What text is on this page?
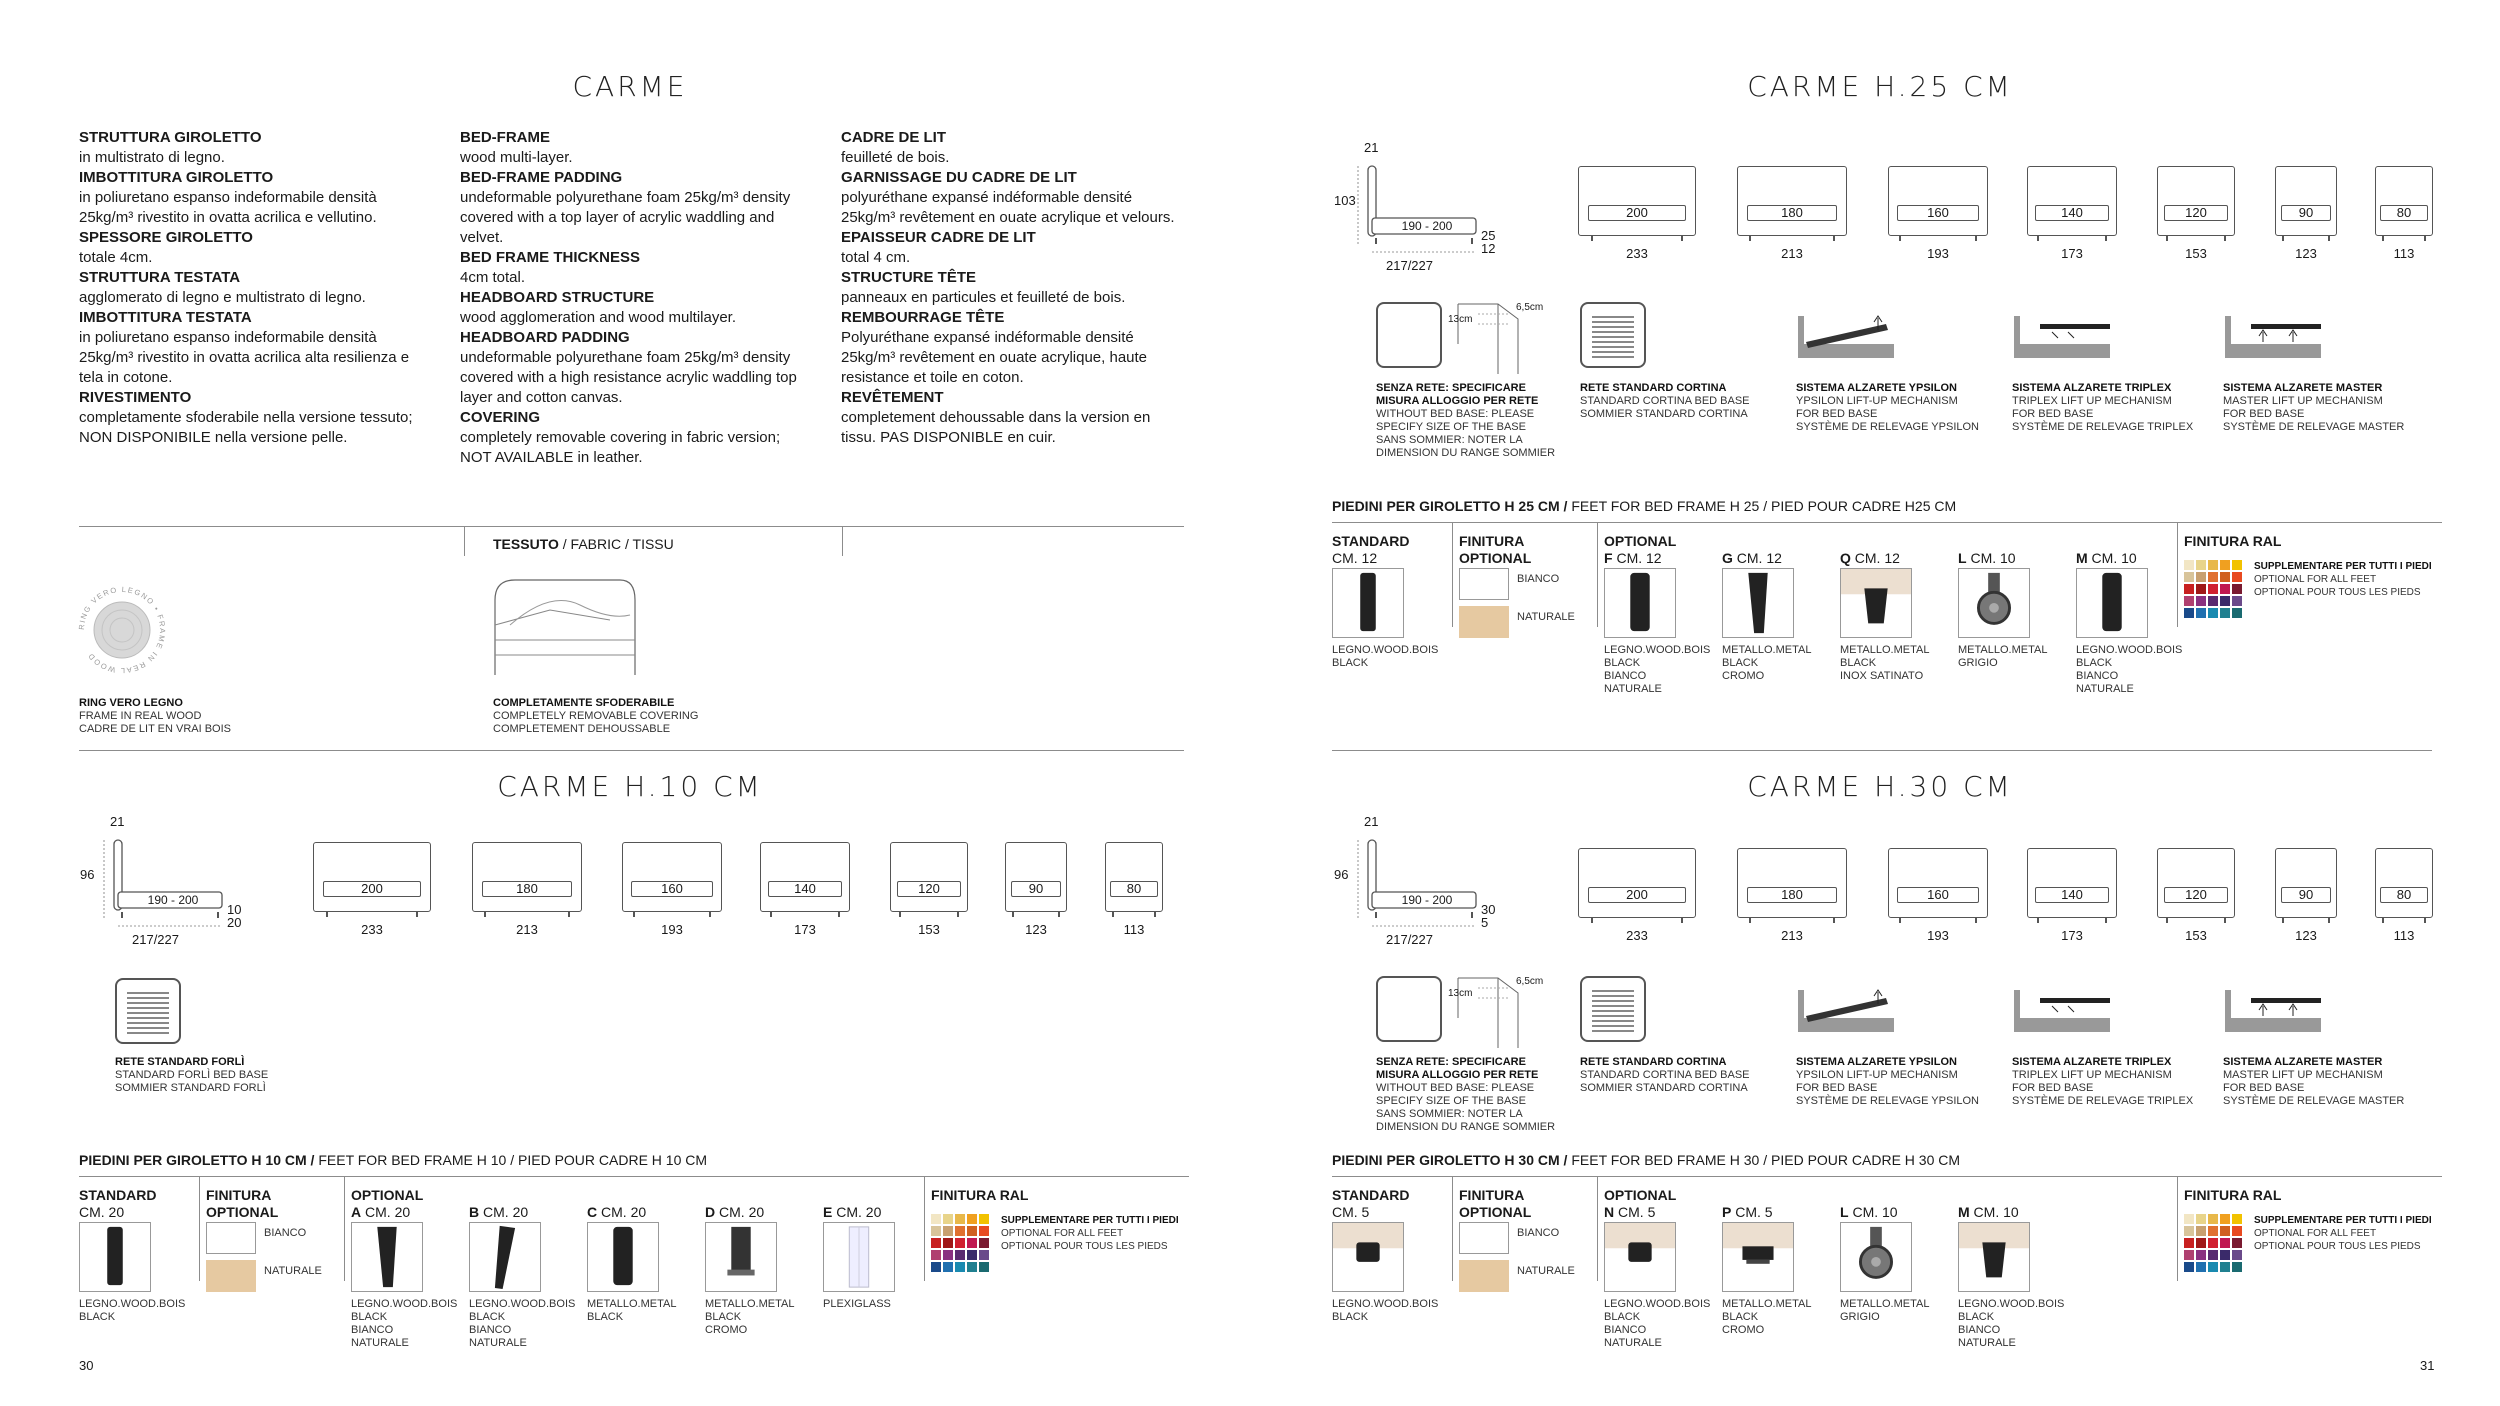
CARME
STRUTTURA GIROLETTO
in multistrato di legno.
IMBOTTITURA GIROLETTO
in poliuretano espanso indeformabile densità 25kg/m³ rivestito in ovatta acrilica e vellutino.
SPESSORE GIROLETTO
totale 4cm.
STRUTTURA TESTATA
agglomerato di legno e multistrato di legno.
IMBOTTITURA TESTATA
in poliuretano espanso indeformabile densità 25kg/m³ rivestito in ovatta acrilica alta resilienza e tela in cotone.
RIVESTIMENTO
completamente sfoderabile nella versione tessuto;
NON DISPONIBILE nella versione pelle.

BED-FRAME
wood multi-layer.
BED-FRAME PADDING
undeformable polyurethane foam 25kg/m³ density covered with a top layer of acrylic waddling and velvet.
BED FRAME THICKNESS
4cm total.
HEADBOARD STRUCTURE
wood agglomeration and wood multilayer.
HEADBOARD PADDING
undeformable polyurethane foam 25kg/m³ density covered with a high resistance acrylic waddling top layer and cotton canvas.
COVERING
completely removable covering in fabric version;
NOT AVAILABLE in leather.

CADRE DE LIT
feuilleté de bois.
GARNISSAGE DU CADRE DE LIT
polyuréthane expansé indéformable densité 25kg/m³ revêtement en ouate acrylique et velours.
EPAISSEUR CADRE DE LIT
total 4 cm.
STRUCTURE TÊTE
panneaux en particules et feuilleté de bois.
REMBOURRAGE TÊTE
Polyuréthane expansé indéformable densité 25kg/m³ revêtement en ouate acrylique, haute resistance et toile en coton.
REVÊTEMENT
completement dehoussable dans la version en tissu. PAS DISPONIBLE en cuir.

TESSUTO / FABRIC / TISSU
RING VERO LEGNO • FRAME IN REAL WOOD
RING VERO LEGNO
FRAME IN REAL WOOD
CADRE DE LIT EN VRAI BOIS
COMPLETAMENTE SFODERABILE
COMPLETELY REMOVABLE COVERING
COMPLETEMENT DEHOUSSABLE
CARME H.10 CM
21
96
190 - 200
10
20
217/227
200
233
180
213
160
193
140
173
120
153
90
123
80
113
RETE STANDARD FORLÌ
STANDARD FORLÌ BED BASE
SOMMIER STANDARD FORLÌ

PIEDINI PER GIROLETTO H 10 CM / FEET FOR BED FRAME H 10 / PIED POUR CADRE H 10 CM
STANDARD
CM. 20
LEGNO.WOOD.BOIS
BLACK

FINITURA
OPTIONAL
BIANCO
NATURALE
OPTIONAL
A CM. 20
LEGNO.WOOD.BOIS
BLACK
BIANCO
NATURALE

B CM. 20
LEGNO.WOOD.BOIS
BLACK
BIANCO
NATURALE

C CM. 20
METALLO.METAL
BLACK

D CM. 20
METALLO.METAL
BLACK
CROMO

E CM. 20
PLEXIGLASS

FINITURA RAL
SUPPLEMENTARE PER TUTTI I PIEDI
OPTIONAL FOR ALL FEET
OPTIONAL POUR TOUS LES PIEDS
30
CARME H.25 CM
CARME H.30 CM
21
103
190 - 200
25
12
217/227
200
233
180
213
160
193
140
173
120
153
90
123
80
113
13cm
6,5cm
SENZA RETE: SPECIFICARE
MISURA ALLOGGIO PER RETE
WITHOUT BED BASE: PLEASE
SPECIFY SIZE OF THE BASE
SANS SOMMIER: NOTER LA
DIMENSION DU RANGE SOMMIER

RETE STANDARD CORTINA
STANDARD CORTINA BED BASE
SOMMIER STANDARD CORTINA

SISTEMA ALZARETE YPSILON
YPSILON LIFT-UP MECHANISM
FOR BED BASE
SYSTÈME DE RELEVAGE YPSILON

SISTEMA ALZARETE TRIPLEX
TRIPLEX LIFT UP MECHANISM
FOR BED BASE
SYSTÈME DE RELEVAGE TRIPLEX

SISTEMA ALZARETE MASTER
MASTER LIFT UP MECHANISM
FOR BED BASE
SYSTÈME DE RELEVAGE MASTER

PIEDINI PER GIROLETTO H 25 CM / FEET FOR BED FRAME H 25 / PIED POUR CADRE H25 CM
STANDARD
CM. 12
LEGNO.WOOD.BOIS
BLACK

FINITURA
OPTIONAL
BIANCO
NATURALE
OPTIONAL
F CM. 12
LEGNO.WOOD.BOIS
BLACK
BIANCO
NATURALE

G CM. 12
METALLO.METAL
BLACK
CROMO

Q CM. 12
METALLO.METAL
BLACK
INOX SATINATO

L CM. 10
METALLO.METAL
GRIGIO

M CM. 10
LEGNO.WOOD.BOIS
BLACK
BIANCO
NATURALE

FINITURA RAL
SUPPLEMENTARE PER TUTTI I PIEDI
OPTIONAL FOR ALL FEET
OPTIONAL POUR TOUS LES PIEDS
21
96
190 - 200
30
5
217/227
200
233
180
213
160
193
140
173
120
153
90
123
80
113
13cm
6,5cm
SENZA RETE: SPECIFICARE
MISURA ALLOGGIO PER RETE
WITHOUT BED BASE: PLEASE
SPECIFY SIZE OF THE BASE
SANS SOMMIER: NOTER LA
DIMENSION DU RANGE SOMMIER

RETE STANDARD CORTINA
STANDARD CORTINA BED BASE
SOMMIER STANDARD CORTINA

SISTEMA ALZARETE YPSILON
YPSILON LIFT-UP MECHANISM
FOR BED BASE
SYSTÈME DE RELEVAGE YPSILON

SISTEMA ALZARETE TRIPLEX
TRIPLEX LIFT UP MECHANISM
FOR BED BASE
SYSTÈME DE RELEVAGE TRIPLEX

SISTEMA ALZARETE MASTER
MASTER LIFT UP MECHANISM
FOR BED BASE
SYSTÈME DE RELEVAGE MASTER

PIEDINI PER GIROLETTO H 30 CM / FEET FOR BED FRAME H 30 / PIED POUR CADRE H 30 CM
STANDARD
CM. 5
LEGNO.WOOD.BOIS
BLACK

FINITURA
OPTIONAL
BIANCO
NATURALE
OPTIONAL
N CM. 5
LEGNO.WOOD.BOIS
BLACK
BIANCO
NATURALE

P CM. 5
METALLO.METAL
BLACK
CROMO

L CM. 10
METALLO.METAL
GRIGIO

M CM. 10
LEGNO.WOOD.BOIS
BLACK
BIANCO
NATURALE

FINITURA RAL
SUPPLEMENTARE PER TUTTI I PIEDI
OPTIONAL FOR ALL FEET
OPTIONAL POUR TOUS LES PIEDS
31
